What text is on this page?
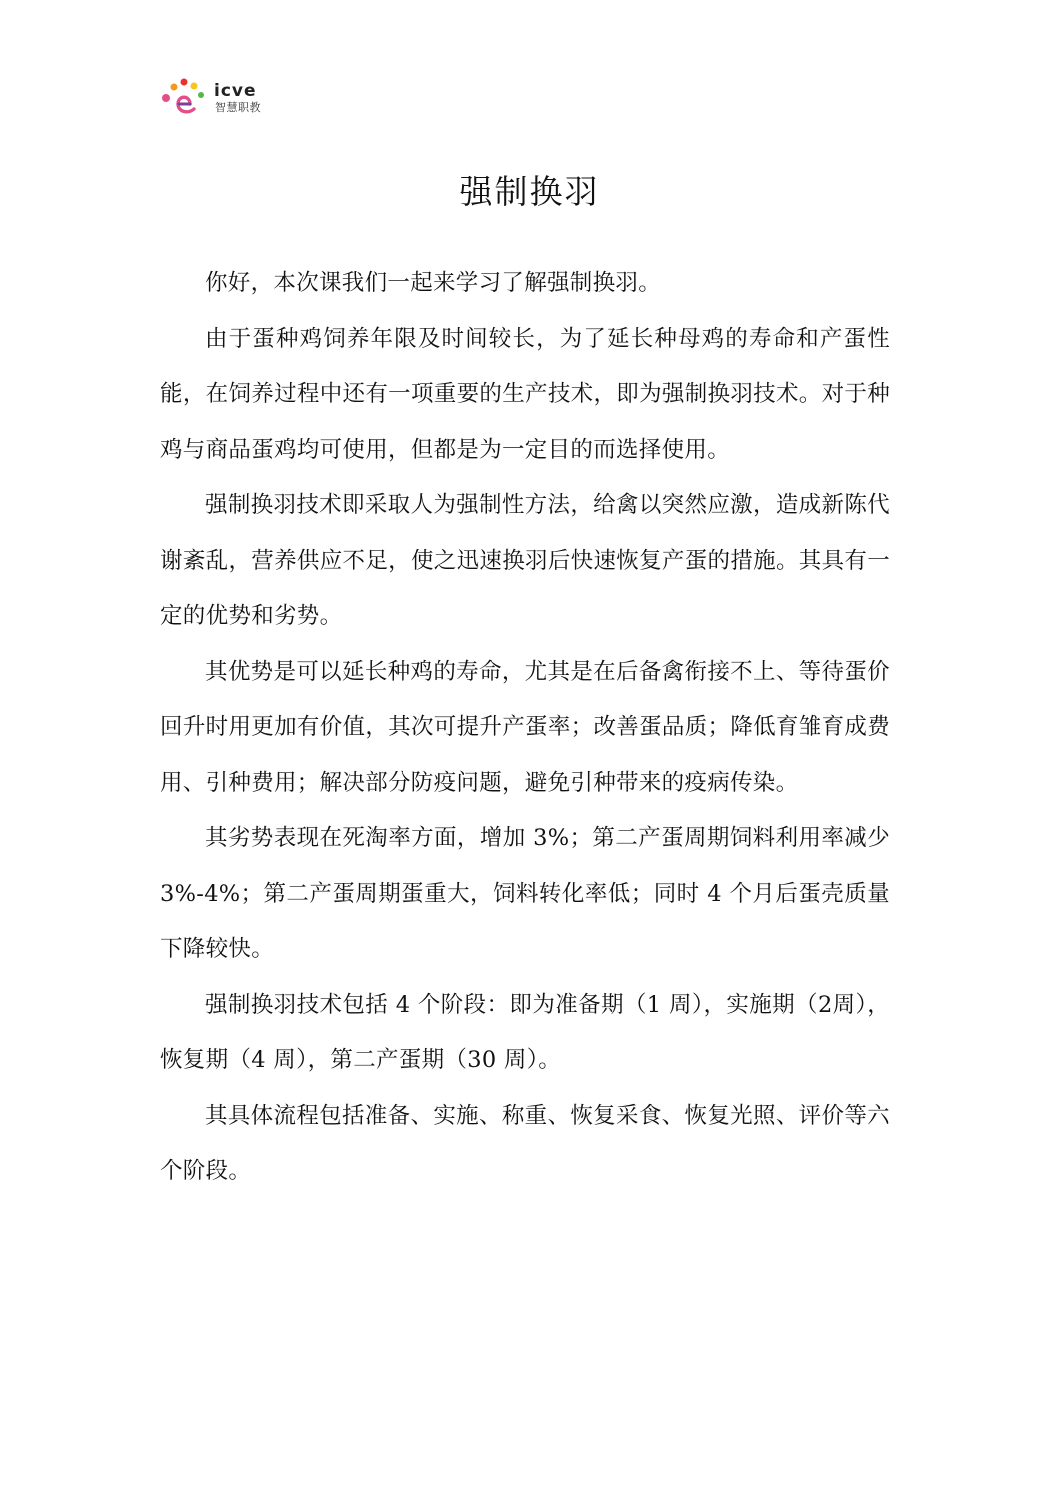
icve
智慧职教
强制换羽

你好，本次课我们一起来学习了解强制换羽。

由于蛋种鸡饲养年限及时间较长，为了延长种母鸡的寿命和产蛋性能，在饲养过程中还有一项重要的生产技术，即为强制换羽技术。对于种鸡与商品蛋鸡均可使用，但都是为一定目的而选择使用。

强制换羽技术即采取人为强制性方法，给禽以突然应激，造成新陈代谢紊乱，营养供应不足，使之迅速换羽后快速恢复产蛋的措施。其具有一定的优势和劣势。

其优势是可以延长种鸡的寿命，尤其是在后备禽衔接不上、等待蛋价回升时用更加有价值，其次可提升产蛋率；改善蛋品质；降低育雏育成费用、引种费用；解决部分防疫问题，避免引种带来的疫病传染。

其劣势表现在死淘率方面，增加 3%；第二产蛋周期饲料利用率减少 3%-4%；第二产蛋周期蛋重大，饲料转化率低；同时 4 个月后蛋壳质量下降较快。

强制换羽技术包括 4 个阶段：即为准备期（1 周），实施期（2周），恢复期（4 周），第二产蛋期（30 周）。

其具体流程包括准备、实施、称重、恢复采食、恢复光照、评价等六个阶段。
